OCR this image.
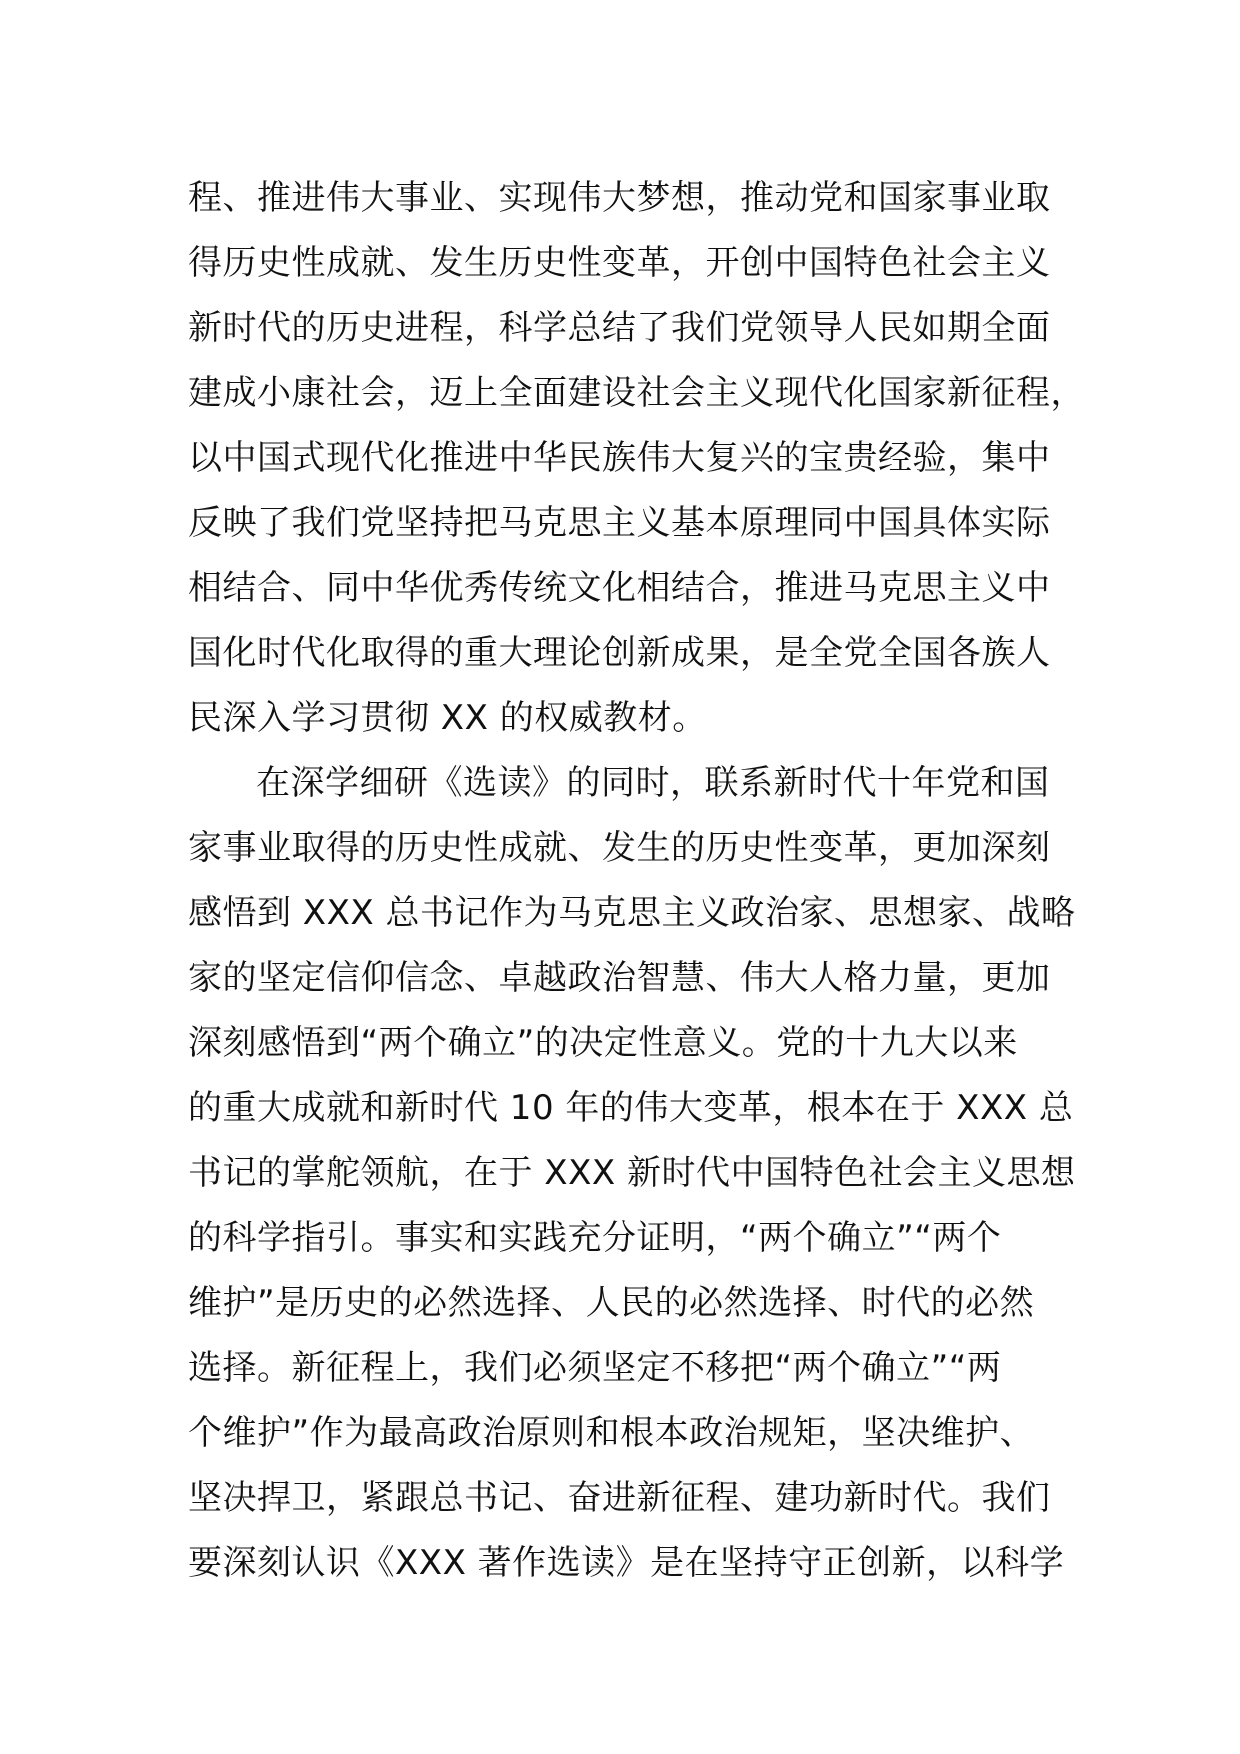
程、推进伟大事业、实现伟大梦想，推动党和国家事业取
得历史性成就、发生历史性变革，开创中国特色社会主义
新时代的历史进程，科学总结了我们党领导人民如期全面
建成小康社会，迈上全面建设社会主义现代化国家新征程，
以中国式现代化推进中华民族伟大复兴的宝贵经验，集中
反映了我们党坚持把马克思主义基本原理同中国具体实际
相结合、同中华优秀传统文化相结合，推进马克思主义中
国化时代化取得的重大理论创新成果，是全党全国各族人
民深入学习贯彻 XX 的权威教材。
在深学细研《选读》的同时，联系新时代十年党和国
家事业取得的历史性成就、发生的历史性变革，更加深刻
感悟到 XXX 总书记作为马克思主义政治家、思想家、战略
家的坚定信仰信念、卓越政治智慧、伟大人格力量，更加
深刻感悟到“两个确立”的决定性意义。党的十九大以来
的重大成就和新时代 10 年的伟大变革，根本在于 XXX 总
书记的掌舵领航，在于 XXX 新时代中国特色社会主义思想
的科学指引。事实和实践充分证明，“两个确立”“两个
维护”是历史的必然选择、人民的必然选择、时代的必然
选择。新征程上，我们必须坚定不移把“两个确立”“两
个维护”作为最高政治原则和根本政治规矩，坚决维护、
坚决捍卫，紧跟总书记、奋进新征程、建功新时代。我们
要深刻认识《XXX 著作选读》是在坚持守正创新，以科学
